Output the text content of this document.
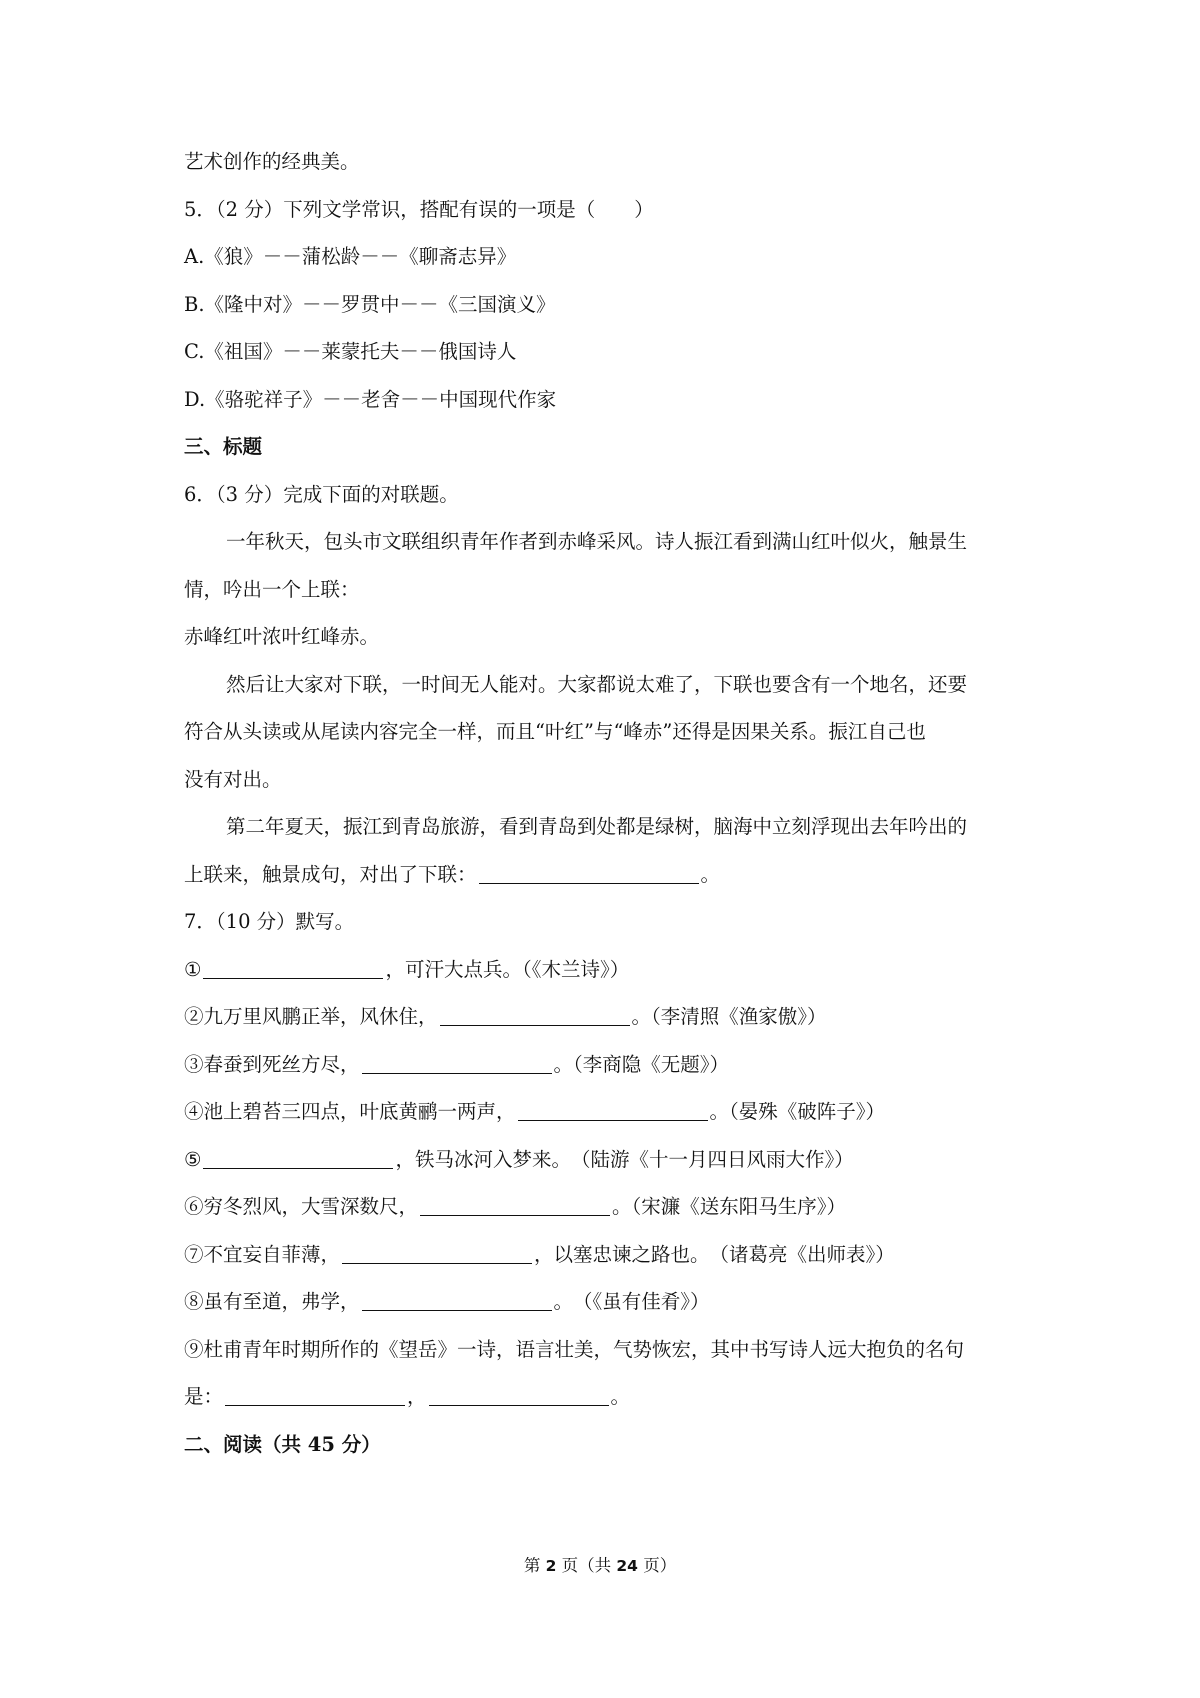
艺术创作的经典美。
5．（2 分）下列文学常识，搭配有误的一项是（　　）
A.《狼》－－蒲松龄－－《聊斋志异》
B.《隆中对》－－罗贯中－－《三国演义》
C.《祖国》－－莱蒙托夫－－俄国诗人
D.《骆驼祥子》－－老舍－－中国现代作家
三、标题
6．（3 分）完成下面的对联题。
一年秋天，包头市文联组织青年作者到赤峰采风。诗人振江看到满山红叶似火，触景生
情，吟出一个上联：
赤峰红叶浓叶红峰赤。
然后让大家对下联，一时间无人能对。大家都说太难了，下联也要含有一个地名，还要
符合从头读或从尾读内容完全一样，而且“叶红”与“峰赤”还得是因果关系。振江自己也
没有对出。
第二年夏天，振江到青岛旅游，看到青岛到处都是绿树，脑海中立刻浮现出去年吟出的
上联来，触景成句，对出了下联：	。
7．（10 分）默写。
①	，可汗大点兵。（《木兰诗》）
②九万里风鹏正举，风休住，	。（李清照《渔家傲》）
③春蚕到死丝方尽，	。（李商隐《无题》）
④池上碧苔三四点，叶底黄鹂一两声，	。（晏殊《破阵子》）
⑤	，铁马冰河入梦来。　（陆游《十一月四日风雨大作》）
⑥穷冬烈风，大雪深数尺，	。（宋濂《送东阳马生序》）
⑦不宜妄自菲薄，	，以塞忠谏之路也。　（诸葛亮《出师表》）
⑧虽有至道，弗学，	。　（《虽有佳肴》）
⑨杜甫青年时期所作的《望岳》一诗，语言壮美，气势恢宏，其中书写诗人远大抱负的名句
是：	，	。
二、阅读（共 45 分）
第 2 页（共 24 页）
